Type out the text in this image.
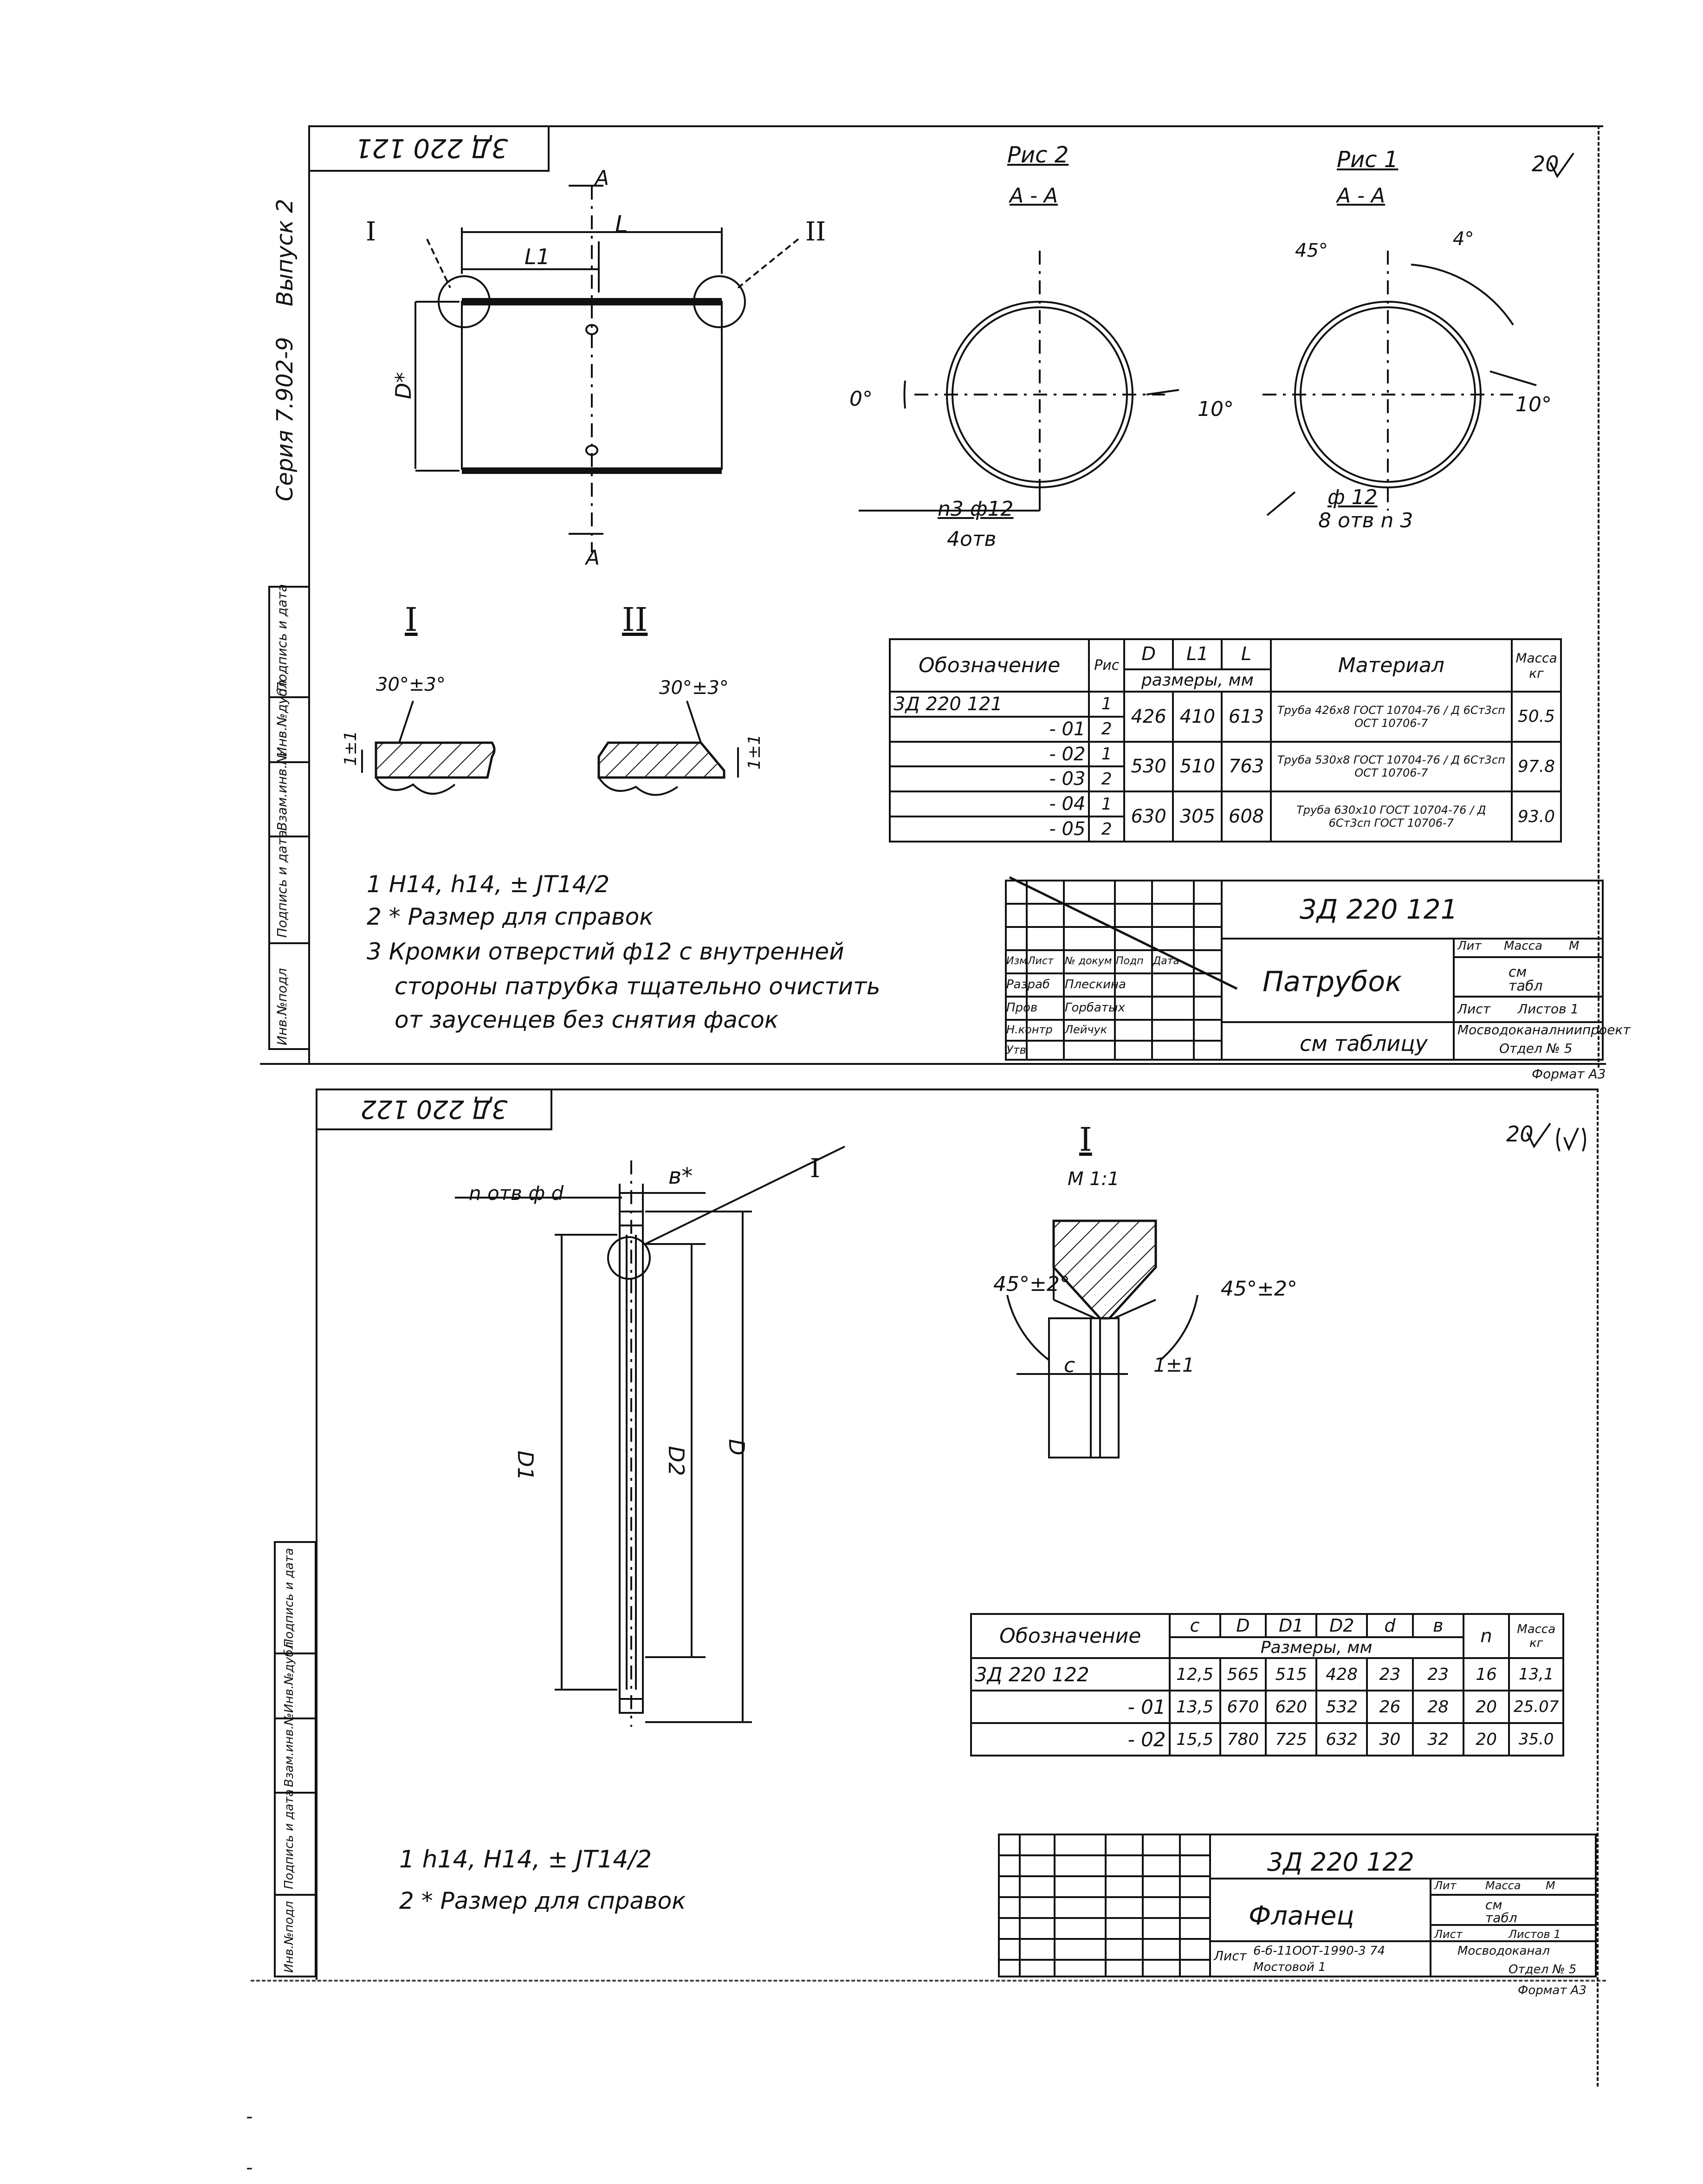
3Д 220 121
Серия 7.902-9
Выпуск 2
Инв.№подл
Подпись и дата
Взам.инв.№
Инв.№дубл
Подпись и дата
20
А
А
L
L1
D*
I	II
Рис 2
А - А
0°	10°
n3 ф12
4отв
Рис 1
А - А
45°
4°
10°
ф 12
8 отв n 3
I	II
30°±3°
1±1
30°±3°
1±1
1 H14, h14, ± JT14/2
2 * Размер для справок
3 Кромки отверстий ф12 с внутренней
стороны патрубка тщательно очистить
от заусенцев без снятия фасок
Обозначение	Рис	D	L1	L	Материал	Масса кг
		размеры, мм				
3Д 220 121	1	426	410	613	Труба 426х8 ГОСТ 10704-76 / Д 6Ст3сп ОСТ 10706-7	50.5
- 01	2					
- 02	1	530	510	763	Труба 530х8 ГОСТ 10704-76 / Д 6Ст3сп ОСТ 10706-7	97.8
- 03	2					
- 04	1	630	305	608	Труба 630х10 ГОСТ 10704-76 / Д 6Ст3сп ГОСТ 10706-7	93.0
- 05	2					
Изм Лист № докум Подп Дата
Разраб Плескина
Пров Горбатых
Н.контр Лейчук
Утв
3Д 220 121
Патрубок
см таблицу
Лит Масса М
см табл
Лист Листов 1
Мосводоканалниипроект
Отдел № 5
Формат А3
3Д 220 122
Инв.№подл
Подпись и дата
Взам.инв.№
Инв.№дубл
Подпись и дата
20
n отв ф d
в*	I
D1	D2 D
I
М 1:1
45°±2°	45°±2°
с	1±1
Обозначение	с	D	D1	D2	d	в	n	Масса кг
	Размеры, мм							
3Д 220 122	12,5	565	515	428	23	23	16	13,1
- 01	13,5	670	620	532	26	28	20	25.07
- 02	15,5	780	725	632	30	32	20	35.0
1 h14, H14, ± JT14/2
2 * Размер для справок
3Д 220 122
Фланец
Лит	Масса М
см табл
Лист	Листов 1
Лист 6-б-11ООТ-1990-3 74
Мостовой 1
Мосводоканал
Отдел № 5
Формат А3
-
-
